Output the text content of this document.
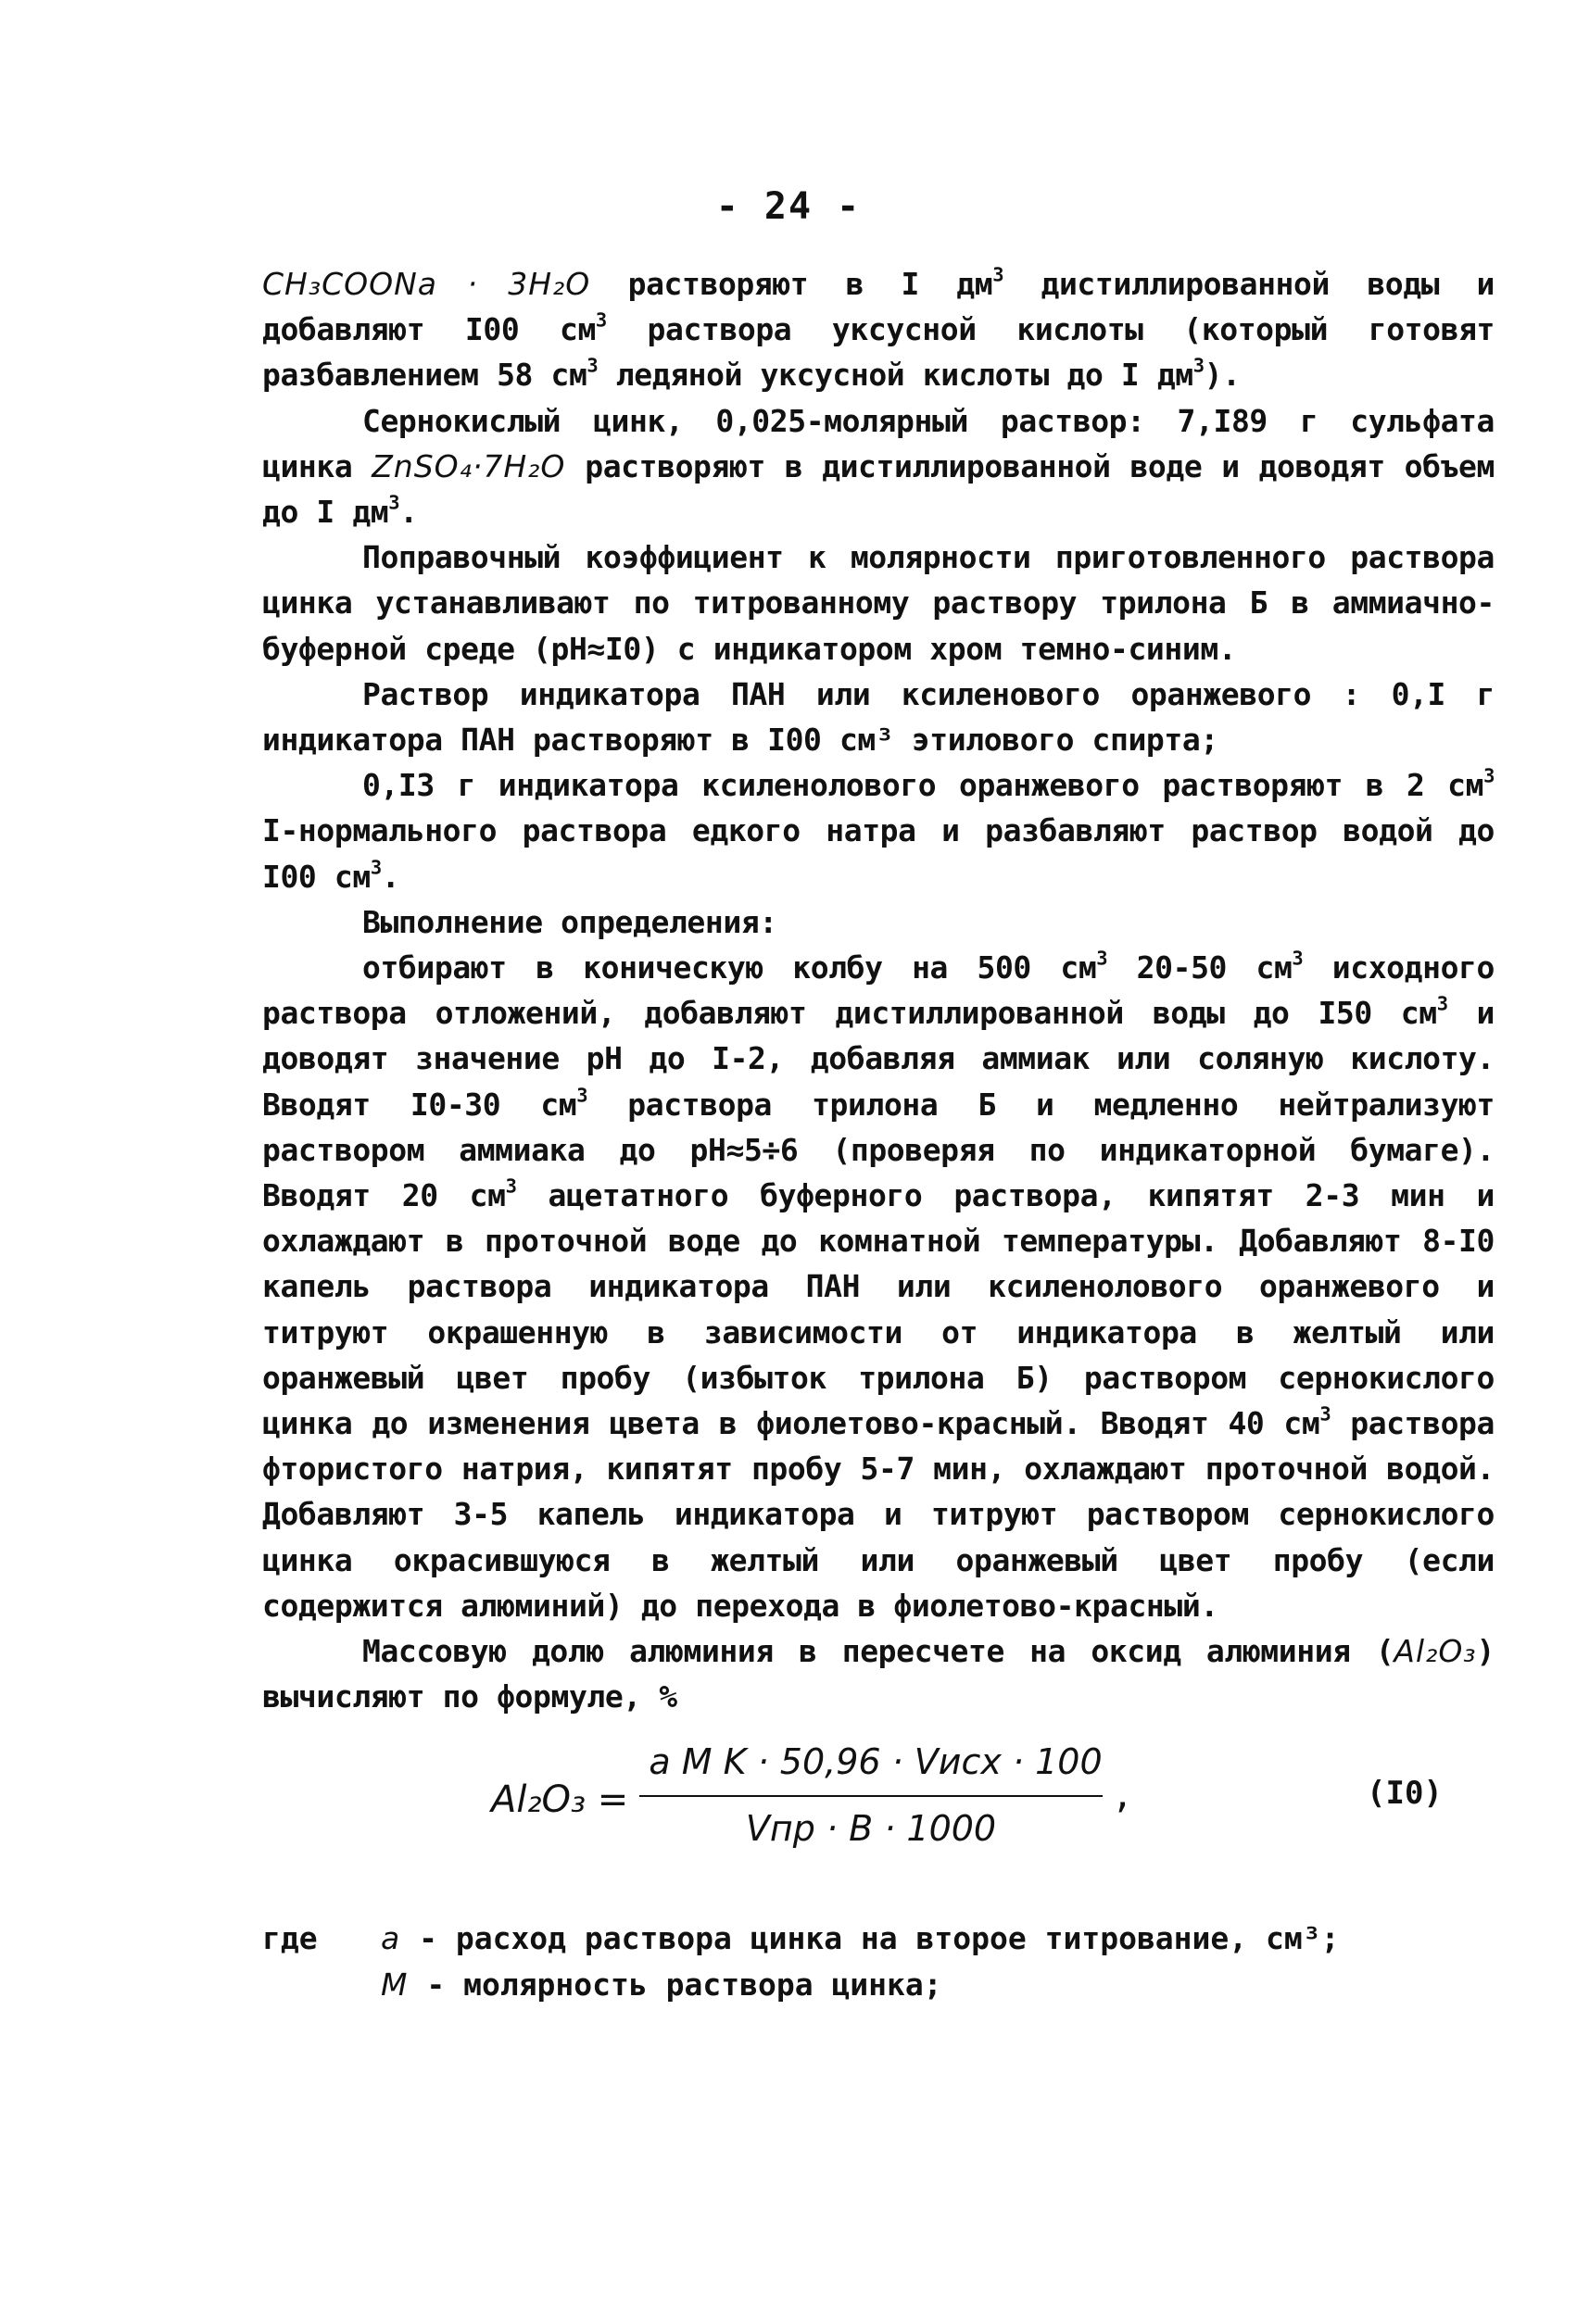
- 24 -

CH₃COONa · 3H₂O растворяют в I $дм^3$ дистиллированной воды и добавляют I00 $см^3$ раствора уксусной кислоты (который готовят разбавлением 58 $см^3$ ледяной уксусной кислоты до I $дм^3$).

Сернокислый цинк, 0,025-молярный раствор: 7,I89 г сульфата цинка ZnSO₄·7H₂O растворяют в дистиллированной воде и доводят объем до I $дм^3$.

Поправочный коэффициент к молярности приготовленного раствора цинка устанавливают по титрованному раствору трилона Б в аммиачно-буферной среде (pH≈I0) с индикатором хром темно-синим.

Раствор индикатора ПАН или ксиленового оранжевого : 0,I г индикатора ПАН растворяют в I00 см³ этилового спирта;

0,I3 г индикатора ксиленолового оранжевого растворяют в 2 $см^3$ I-нормального раствора едкого натра и разбавляют раствор водой до I00 $см^3$.

Выполнение определения:

отбирают в коническую колбу на 500 $см^3$ 20-50 $см^3$ исходного раствора отложений, добавляют дистиллированной воды до I50 $см^3$ и доводят значение pH до I-2, добавляя аммиак или соляную кислоту. Вводят I0-30 $см^3$ раствора трилона Б и медленно нейтрализуют раствором аммиака до pH≈5÷6 (проверяя по индикаторной бумаге). Вводят 20 $см^3$ ацетатного буферного раствора, кипятят 2-3 мин и охлаждают в проточной воде до комнатной температуры. Добавляют 8-I0 капель раствора индикатора ПАН или ксиленолового оранжевого и титруют окрашенную в зависимости от индикатора в желтый или оранжевый цвет пробу (избыток трилона Б) раствором сернокислого цинка до изменения цвета в фиолетово-красный. Вводят 40 $см^3$ раствора фтористого натрия, кипятят пробу 5-7 мин, охлаждают проточной водой. Добавляют 3-5 капель индикатора и титруют раствором сернокислого цинка окрасившуюся в желтый или оранжевый цвет пробу (если содержится алюминий) до перехода в фиолетово-красный.

Массовую долю алюминия в пересчете на оксид алюминия (Al₂O₃) вычисляют по формуле, %

Al₂O₃ =
a M K · 50,96 · Vисх · 100
Vпр · B · 1000
,	(I0)
где a - расход раствора цинка на второе титрование, см³;
M - молярность раствора цинка;
